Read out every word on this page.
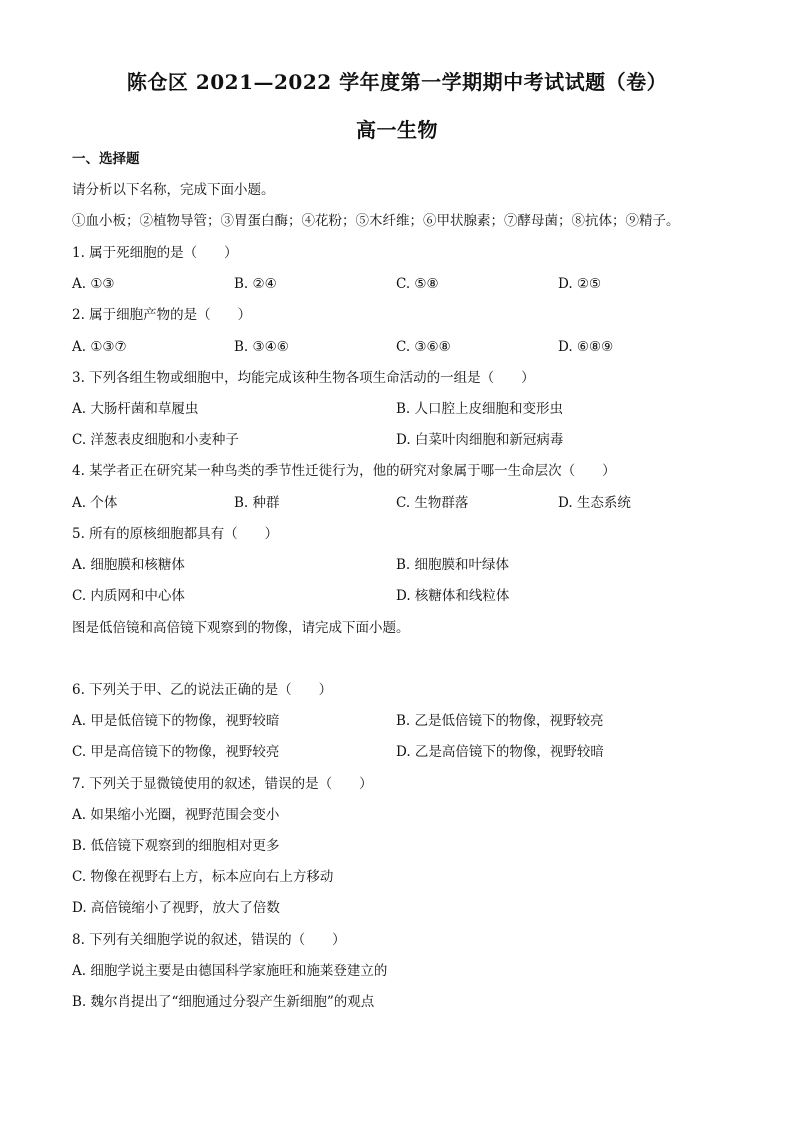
陈仓区 2021—2022 学年度第一学期期中考试试题（卷）
高一生物
一、选择题
请分析以下名称，完成下面小题。
①血小板；②植物导管；③胃蛋白酶；④花粉；⑤木纤维；⑥甲状腺素；⑦酵母菌；⑧抗体；⑨精子。
1. 属于死细胞的是（　　）
A. ①③	B. ②④	C. ⑤⑧	D. ②⑤
2. 属于细胞产物的是（　　）
A. ①③⑦	B. ③④⑥	C. ③⑥⑧	D. ⑥⑧⑨
3. 下列各组生物或细胞中，均能完成该种生物各项生命活动的一组是（　　）
A. 大肠杆菌和草履虫	B. 人口腔上皮细胞和变形虫
C. 洋葱表皮细胞和小麦种子	D. 白菜叶肉细胞和新冠病毒
4. 某学者正在研究某一种鸟类的季节性迁徙行为，他的研究对象属于哪一生命层次（　　）
A. 个体	B. 种群	C. 生物群落	D. 生态系统
5. 所有的原核细胞都具有（　　）
A. 细胞膜和核糖体	B. 细胞膜和叶绿体
C. 内质网和中心体	D. 核糖体和线粒体
图是低倍镜和高倍镜下观察到的物像，请完成下面小题。
6. 下列关于甲、乙的说法正确的是（　　）
A. 甲是低倍镜下的物像，视野较暗	B. 乙是低倍镜下的物像，视野较亮
C. 甲是高倍镜下的物像，视野较亮	D. 乙是高倍镜下的物像，视野较暗
7. 下列关于显微镜使用的叙述，错误的是（　　）
A. 如果缩小光圈，视野范围会变小
B. 低倍镜下观察到的细胞相对更多
C. 物像在视野右上方，标本应向右上方移动
D. 高倍镜缩小了视野，放大了倍数
8. 下列有关细胞学说的叙述，错误的（　　）
A. 细胞学说主要是由德国科学家施旺和施莱登建立的
B. 魏尔肖提出了“细胞通过分裂产生新细胞”的观点
